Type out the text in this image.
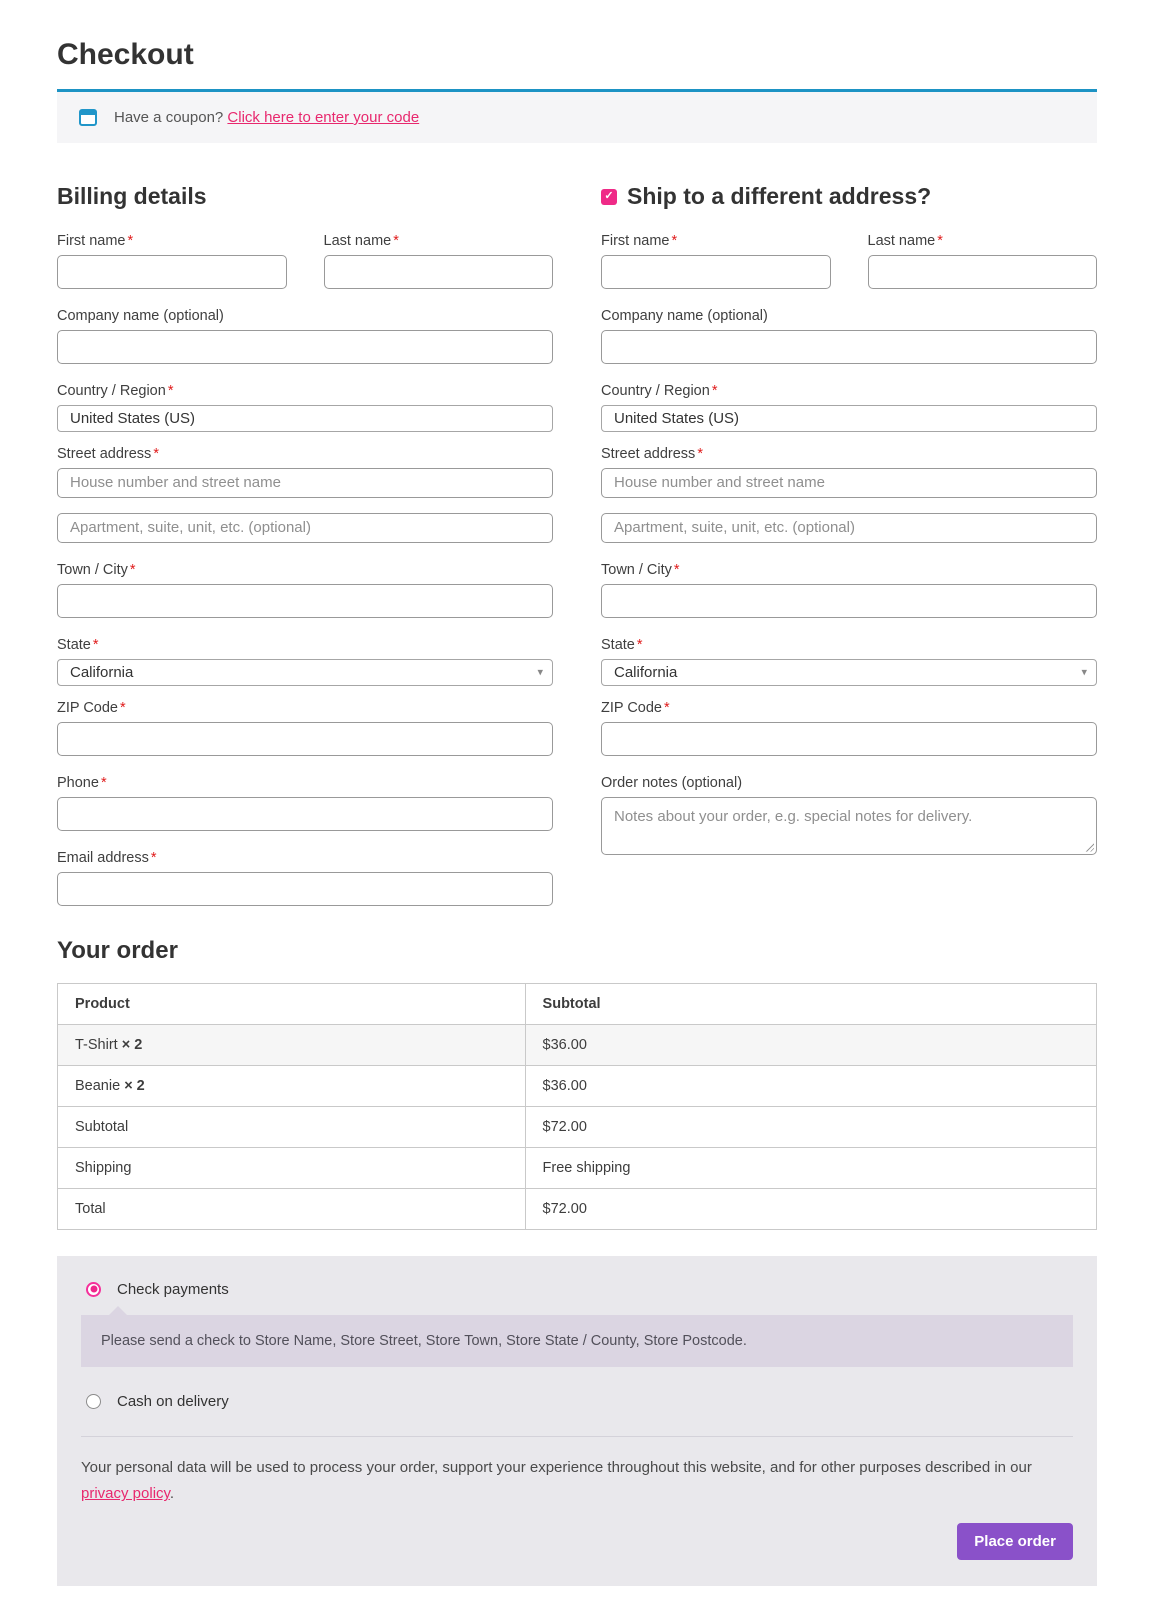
Checkout
Have a coupon? Click here to enter your code
Billing details
First name *	Last name *
Company name (optional)
Country / Region *
United States (US)
Street address *
House number and street name Apartment, suite, unit, etc. (optional)
Town / City *
State *
California	▾
ZIP Code *
Phone *
Email address *
✓ Ship to a different address?
First name *	Last name *
Company name (optional)
Country / Region *
United States (US)
Street address *
House number and street name Apartment, suite, unit, etc. (optional)
Town / City *
State *
California	▾
ZIP Code *
Order notes (optional)
Notes about your order, e.g. special notes for delivery.
Your order
Product	Subtotal
T-Shirt × 2	$36.00
Beanie × 2	$36.00
Subtotal	$72.00
Shipping	Free shipping
Total	$72.00
Check payments
Please send a check to Store Name, Store Street, Store Town, Store State / County, Store Postcode.
Cash on delivery
Your personal data will be used to process your order, support your experience throughout this website, and for other purposes described in our privacy policy.
Place order
